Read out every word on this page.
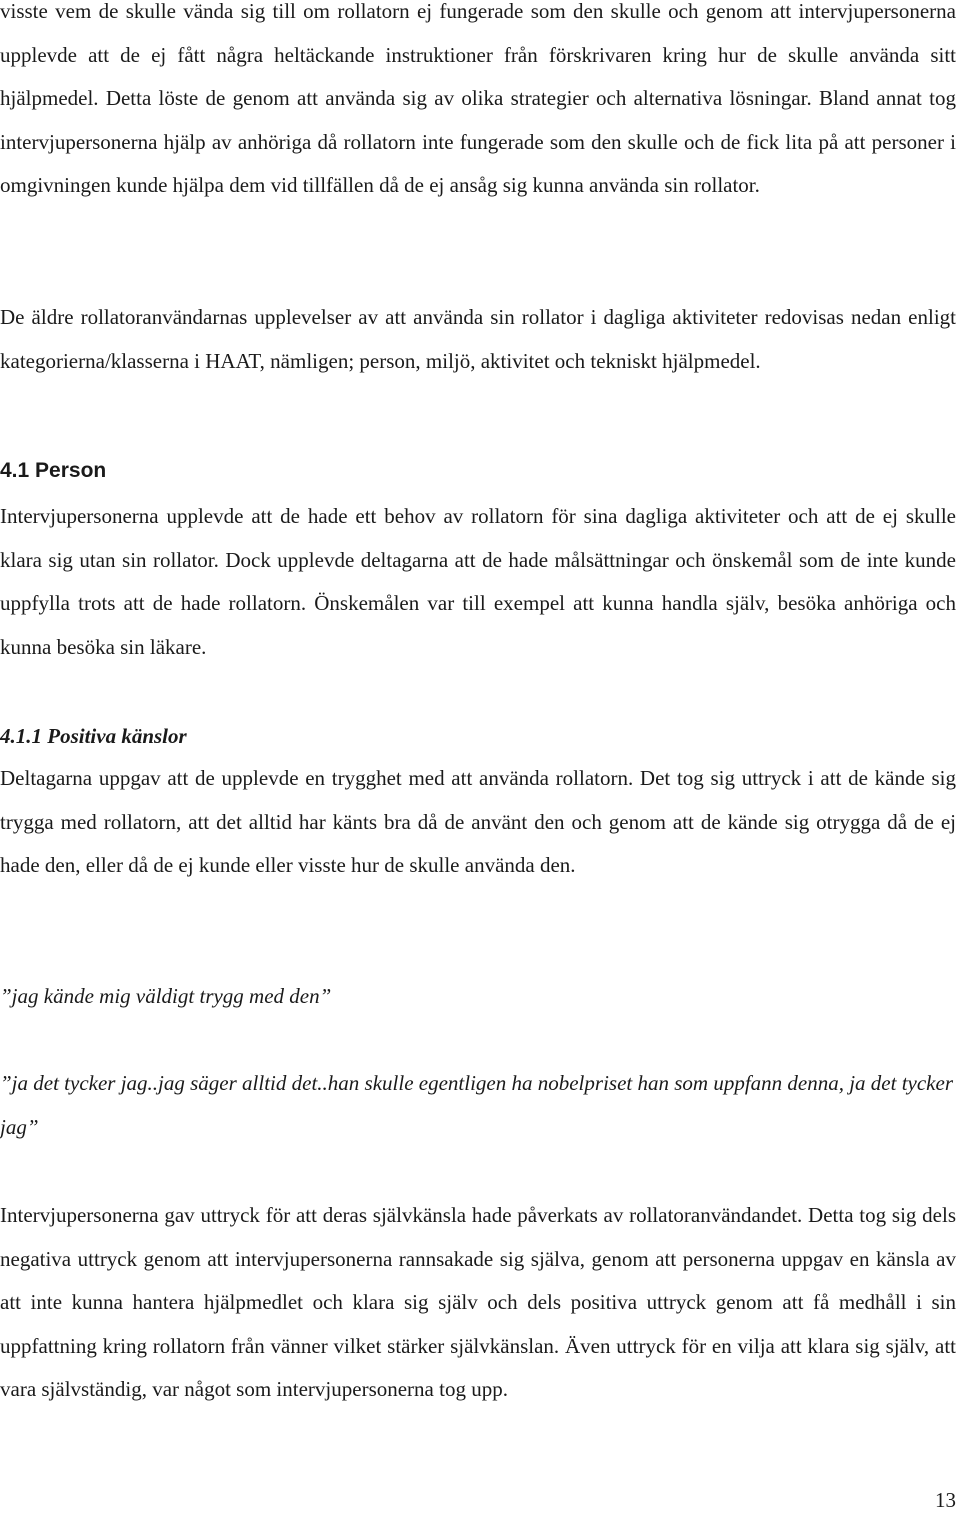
visste vem de skulle vända sig till om rollatorn ej fungerade som den skulle och genom att intervjupersonerna upplevde att de ej fått några heltäckande instruktioner från förskrivaren kring hur de skulle använda sitt hjälpmedel. Detta löste de genom att använda sig av olika strategier och alternativa lösningar. Bland annat tog intervjupersonerna hjälp av anhöriga då rollatorn inte fungerade som den skulle och de fick lita på att personer i omgivningen kunde hjälpa dem vid tillfällen då de ej ansåg sig kunna använda sin rollator.

De äldre rollatoranvändarnas upplevelser av att använda sin rollator i dagliga aktiviteter redovisas nedan enligt kategorierna/klasserna i HAAT, nämligen; person, miljö, aktivitet och tekniskt hjälpmedel.

4.1 Person

Intervjupersonerna upplevde att de hade ett behov av rollatorn för sina dagliga aktiviteter och att de ej skulle klara sig utan sin rollator. Dock upplevde deltagarna att de hade målsättningar och önskemål som de inte kunde uppfylla trots att de hade rollatorn. Önskemålen var till exempel att kunna handla själv, besöka anhöriga och kunna besöka sin läkare.

4.1.1 Positiva känslor

Deltagarna uppgav att de upplevde en trygghet med att använda rollatorn. Det tog sig uttryck i att de kände sig trygga med rollatorn, att det alltid har känts bra då de använt den och genom att de kände sig otrygga då de ej hade den, eller då de ej kunde eller visste hur de skulle använda den.

”jag kände mig väldigt trygg med den”

”ja det tycker jag..jag säger alltid det..han skulle egentligen ha nobelpriset han som uppfann denna, ja det tycker jag”

Intervjupersonerna gav uttryck för att deras självkänsla hade påverkats av rollatoranvändandet. Detta tog sig dels negativa uttryck genom att intervjupersonerna rannsakade sig själva, genom att personerna uppgav en känsla av att inte kunna hantera hjälpmedlet och klara sig själv och dels positiva uttryck genom att få medhåll i sin uppfattning kring rollatorn från vänner vilket stärker självkänslan. Även uttryck för en vilja att klara sig själv, att vara självständig, var något som intervjupersonerna tog upp.

13
